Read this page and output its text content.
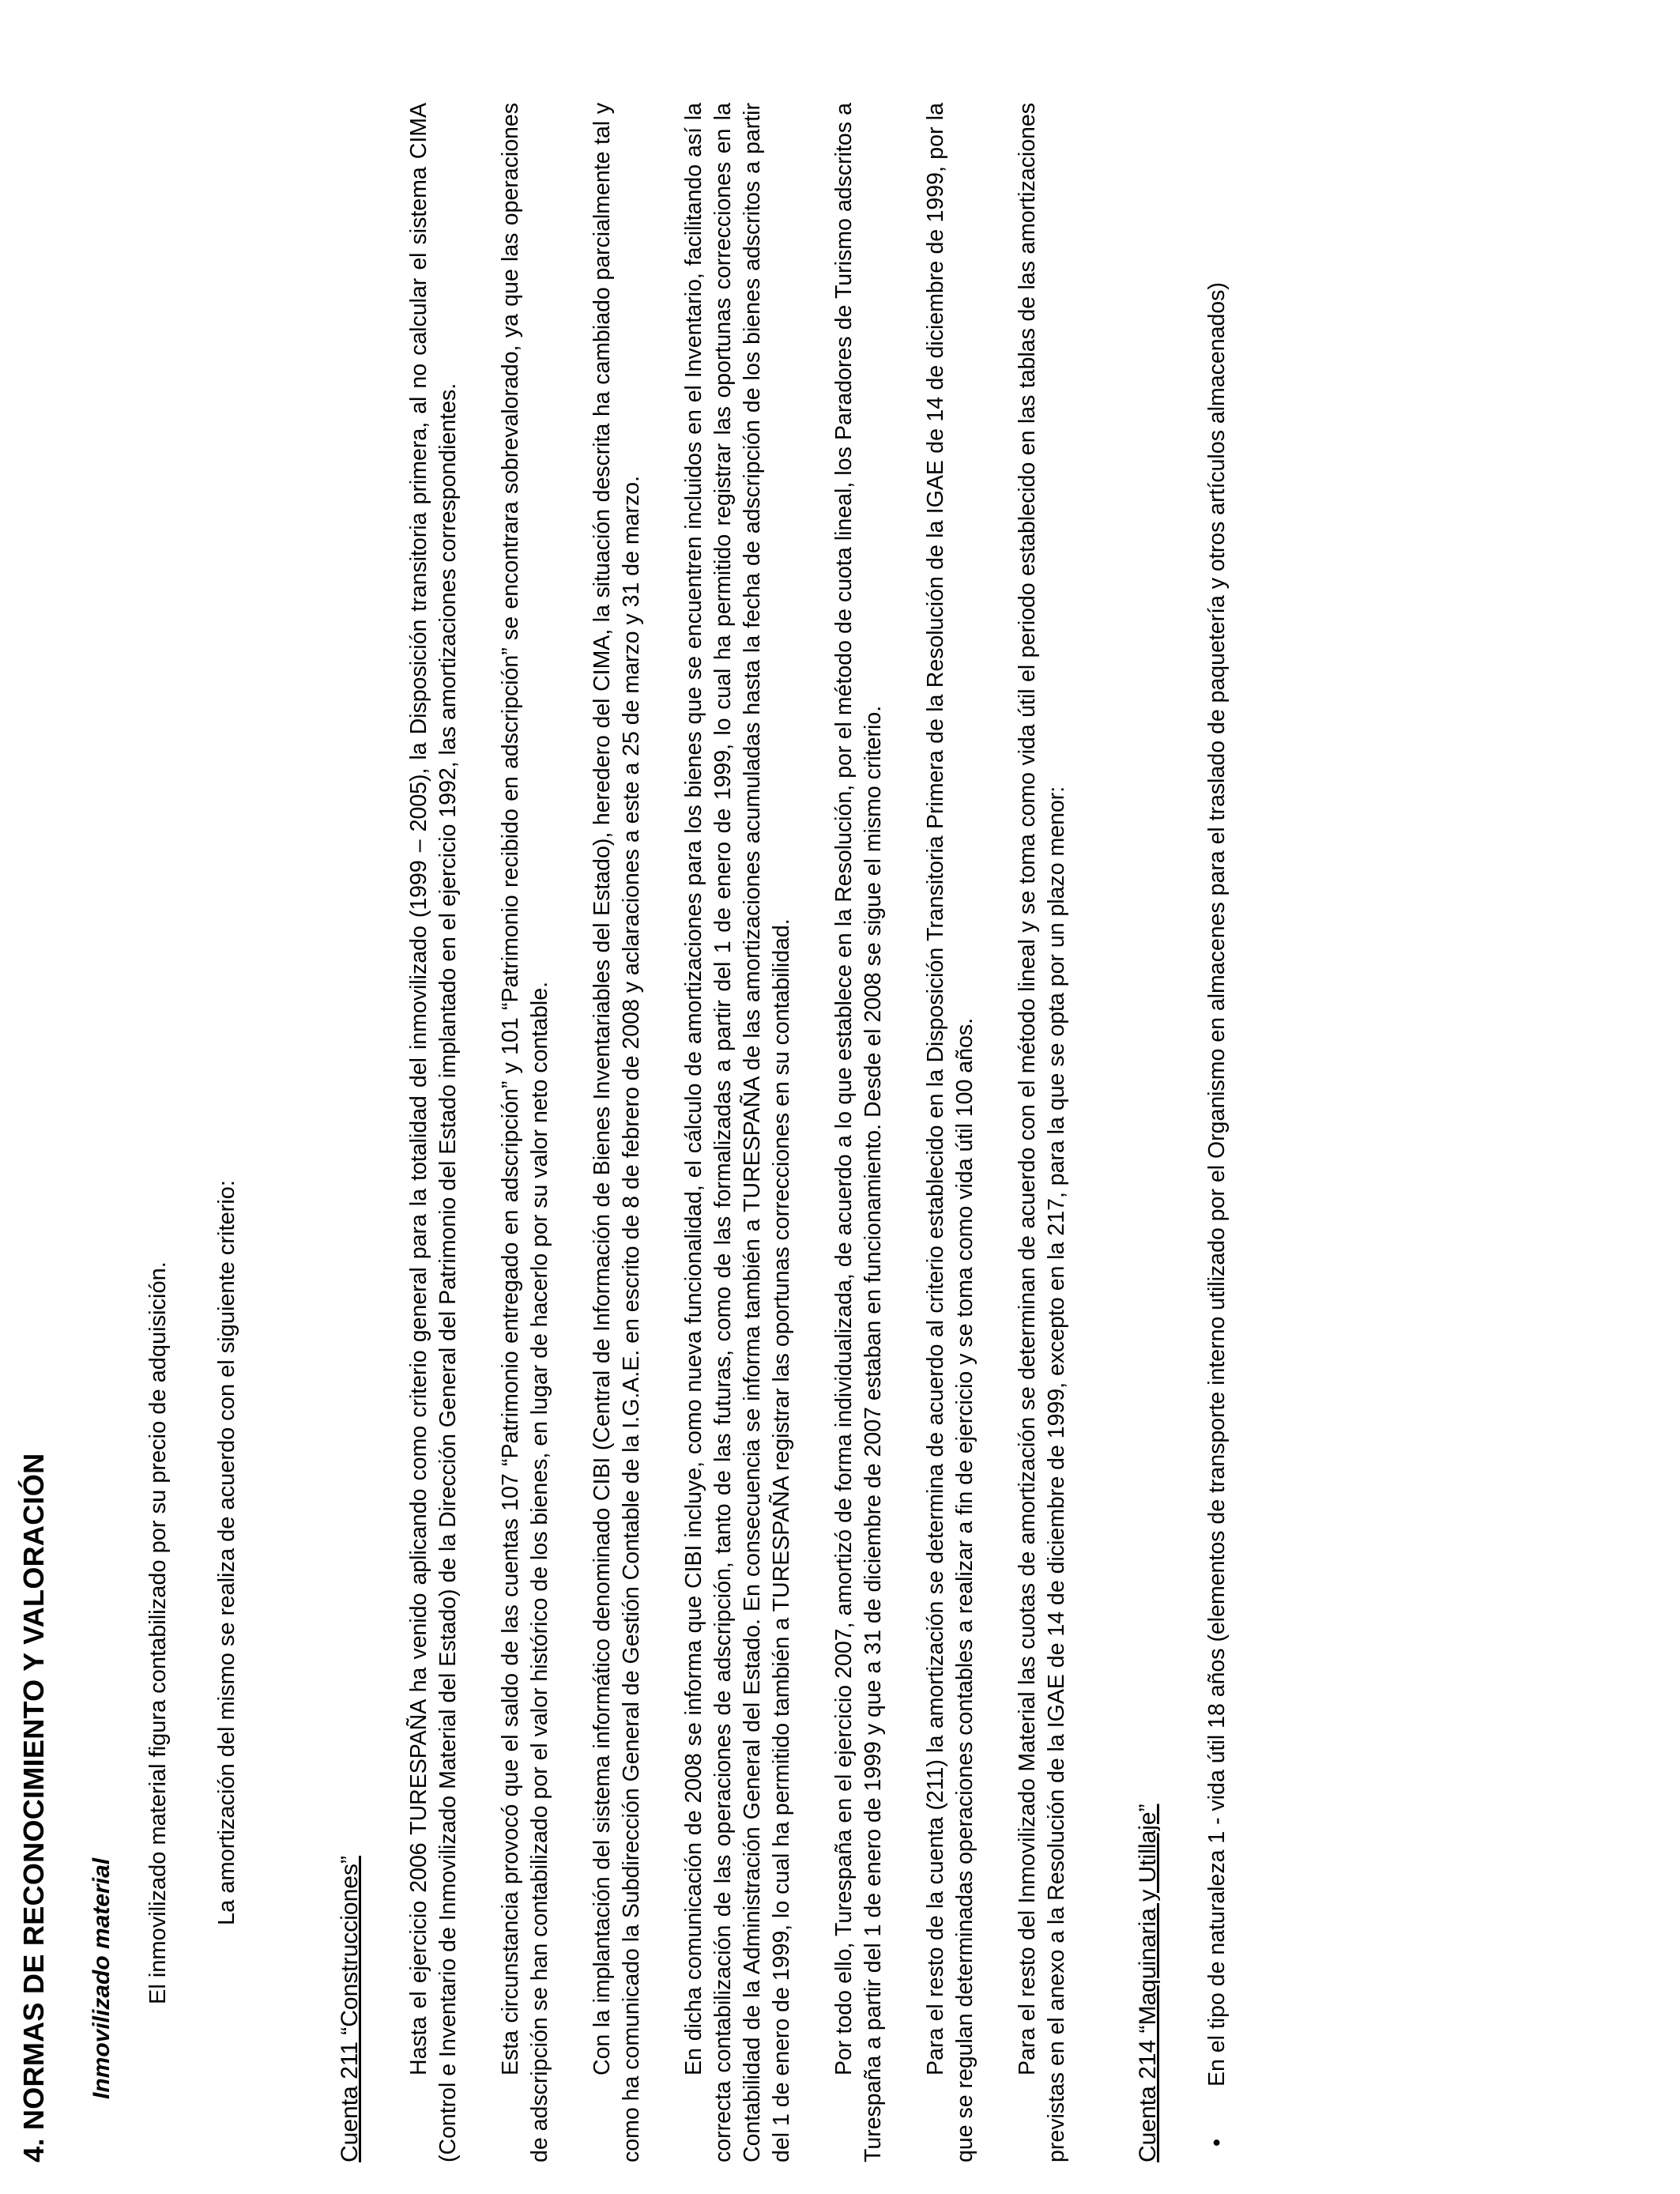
4. NORMAS DE RECONOCIMIENTO Y VALORACIÓN Inmovilizado material El inmovilizado material figura contabilizado por su precio de adquisición. La amortización del mismo se realiza de acuerdo con el siguiente criterio:
Cuenta 211 “Construcciones” Hasta el ejercicio 2006 TURESPAÑA ha venido aplicando como criterio general para la totalidad del inmovilizado (1999 – 2005), la Disposición transitoria primera, al no calcular el sistema CIMA (Control e Inventario de Inmovilizado Material del Estado) de la Dirección General del Patrimonio del Estado implantado en el ejercicio 1992, las amortizaciones correspondientes. Esta circunstancia provocó que el saldo de las cuentas 107 “Patrimonio entregado en adscripción” y 101 “Patrimonio recibido en adscripción” se encontrara sobrevalorado, ya que las operaciones de adscripción se han contabilizado por el valor histórico de los bienes, en lugar de hacerlo por su valor neto contable. Con la implantación del sistema informático denominado CIBI (Central de Información de Bienes Inventariables del Estado), heredero del CIMA, la situación descrita ha cambiado parcialmente tal y como ha comunicado la Subdirección General de Gestión Contable de la I.G.A.E. en escrito de 8 de febrero de 2008 y aclaraciones a este a 25 de marzo y 31 de marzo. En dicha comunicación de 2008 se informa que CIBI incluye, como nueva funcionalidad, el cálculo de amortizaciones para los bienes que se encuentren incluidos en el Inventario, facilitando así la correcta contabilización de las operaciones de adscripción, tanto de las futuras, como de las formalizadas a partir del 1 de enero de 1999, lo cual ha permitido registrar las oportunas correcciones en la Contabilidad de la Administración General del Estado. En consecuencia se informa también a TURESPAÑA de las amortizaciones acumuladas hasta la fecha de adscripción de los bienes adscritos a partir del 1 de enero de 1999, lo cual ha permitido también a TURESPAÑA registrar las oportunas correcciones en su contabilidad. Por todo ello, Turespaña en el ejercicio 2007, amortizó de forma individualizada, de acuerdo a lo que establece en la Resolución, por el método de cuota lineal, los Paradores de Turismo adscritos a Turespaña a partir del 1 de enero de 1999 y que a 31 de diciembre de 2007 estaban en funcionamiento. Desde el 2008 se sigue el mismo criterio. Para el resto de la cuenta (211) la amortización se determina de acuerdo al criterio establecido en la Disposición Transitoria Primera de la Resolución de la IGAE de 14 de diciembre de 1999, por la que se regulan determinadas operaciones contables a realizar a fin de ejercicio y se toma como vida útil 100 años. Para el resto del Inmovilizado Material las cuotas de amortización se determinan de acuerdo con el método lineal y se toma como vida útil el periodo establecido en las tablas de las amortizaciones previstas en el anexo a la Resolución de la IGAE de 14 de diciembre de 1999, excepto en la 217, para la que se opta por un plazo menor:	Cuenta 214 “Maquinaria y Utillaje” •
En el tipo de naturaleza 1 - vida útil 18 años (elementos de transporte interno utilizado por el Organismo en almacenes para el traslado de paquetería y otros artículos almacenados)
